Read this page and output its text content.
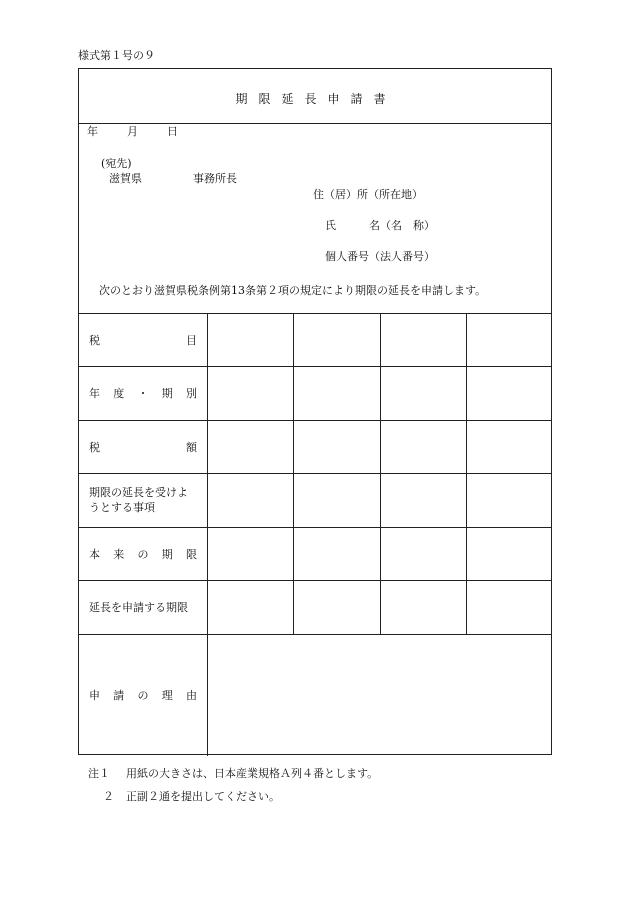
様式第１号の９
期限延長申請書
年	月	日
(宛先)
滋賀県	事務所長
住（居）所（所在地）
氏	名（名　称）
個人番号（法人番号）
次のとおり滋賀県税条例第13条第２項の規定により期限の延長を申請します。
税	目
年 度 ・ 期 別
税	額
期限の延長を受けようとする事項
本 来 の 期 限
延長を申請する期限
申 請 の 理 由
注１ 用紙の大きさは、日本産業規格Ａ列４番とします。
２ 正副２通を提出してください。
